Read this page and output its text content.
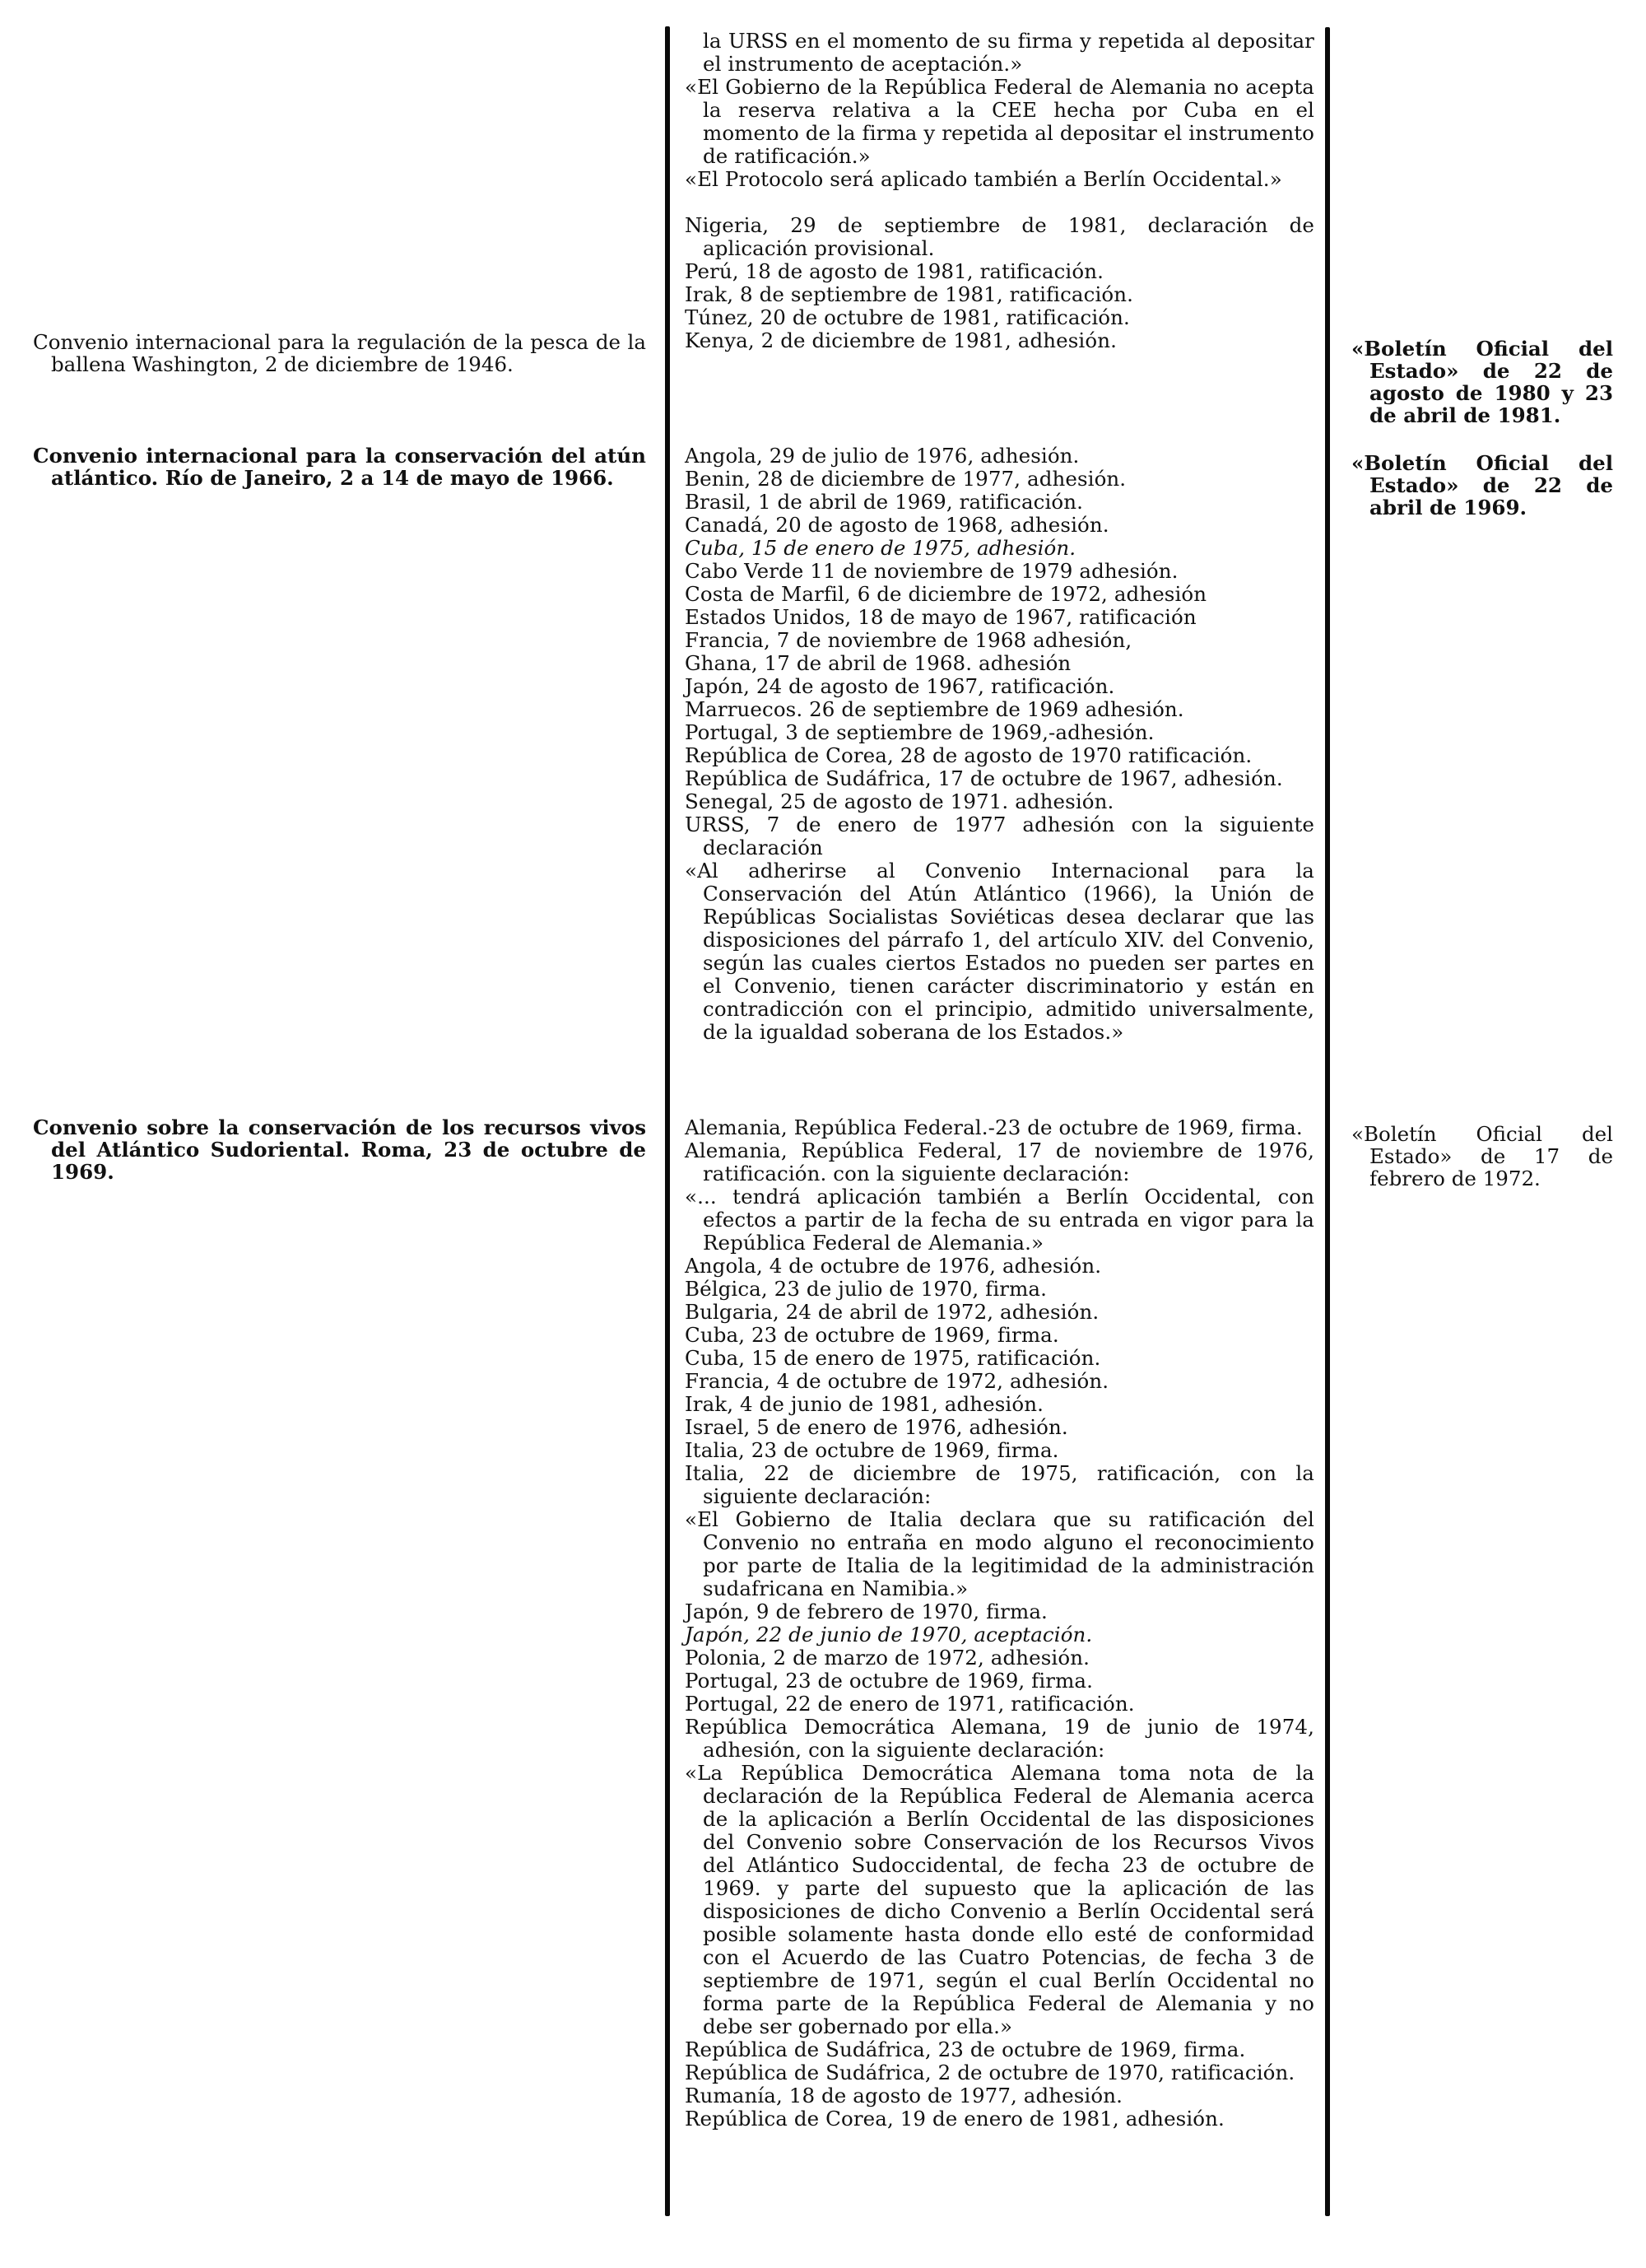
la URSS en el momento de su firma y repetida al depositar el instrumento de aceptación.»

«El Gobierno de la República Federal de Alemania no acepta la reserva relativa a la CEE hecha por Cuba en el momento de la firma y repetida al depositar el instrumento de ratificación.»

«El Protocolo será aplicado también a Berlín Occidental.»

Nigeria, 29 de septiembre de 1981, declaración de aplicación provisional.

Perú, 18 de agosto de 1981, ratificación.

Irak, 8 de septiembre de 1981, ratificación.

Túnez, 20 de octubre de 1981, ratificación.

Kenya, 2 de diciembre de 1981, adhesión.

Convenio internacional para la regulación de la pesca de la ballena Washington, 2 de diciembre de 1946.

«Boletín Oficial del Estado» de 22 de agosto de 1980 y 23 de abril de 1981.

Convenio internacional para la conservación del atún atlántico. Río de Janeiro, 2 a 14 de mayo de 1966.

«Boletín Oficial del Estado» de 22 de abril de 1969.

Angola, 29 de julio de 1976, adhesión.

Benin, 28 de diciembre de 1977, adhesión.

Brasil, 1 de abril de 1969, ratificación.

Canadá, 20 de agosto de 1968, adhesión.

Cuba, 15 de enero de 1975, adhesión.

Cabo Verde 11 de noviembre de 1979 adhesión.

Costa de Marfil, 6 de diciembre de 1972, adhesión

Estados Unidos, 18 de mayo de 1967, ratificación

Francia, 7 de noviembre de 1968 adhesión,

Ghana, 17 de abril de 1968. adhesión

Japón, 24 de agosto de 1967, ratificación.

Marruecos. 26 de septiembre de 1969 adhesión.

Portugal, 3 de septiembre de 1969,-adhesión.

República de Corea, 28 de agosto de 1970 ratificación.

República de Sudáfrica, 17 de octubre de 1967, adhesión.

Senegal, 25 de agosto de 1971. adhesión.

URSS, 7 de enero de 1977 adhesión con la siguiente declaración

«Al adherirse al Convenio Internacional para la Conservación del Atún Atlántico (1966), la Unión de Repúblicas Socialistas Soviéticas desea declarar que las disposiciones del párrafo 1, del artículo XIV. del Convenio, según las cuales ciertos Estados no pueden ser partes en el Convenio, tienen carácter discriminatorio y están en contradicción con el principio, admitido universalmente, de la igualdad soberana de los Estados.»

Convenio sobre la conservación de los recursos vivos del Atlántico Sudoriental. Roma, 23 de octubre de 1969.

«Boletín Oficial del Estado» de 17 de febrero de 1972.

Alemania, República Federal.-23 de octubre de 1969, firma.

Alemania, República Federal, 17 de noviembre de 1976, ratificación. con la siguiente declaración:

«... tendrá aplicación también a Berlín Occidental, con efectos a partir de la fecha de su entrada en vigor para la República Federal de Alemania.»

Angola, 4 de octubre de 1976, adhesión.

Bélgica, 23 de julio de 1970, firma.

Bulgaria, 24 de abril de 1972, adhesión.

Cuba, 23 de octubre de 1969, firma.

Cuba, 15 de enero de 1975, ratificación.

Francia, 4 de octubre de 1972, adhesión.

Irak, 4 de junio de 1981, adhesión.

Israel, 5 de enero de 1976, adhesión.

Italia, 23 de octubre de 1969, firma.

Italia, 22 de diciembre de 1975, ratificación, con la siguiente declaración:

«El Gobierno de Italia declara que su ratificación del Convenio no entraña en modo alguno el reconocimiento por parte de Italia de la legitimidad de la administración sudafricana en Namibia.»

Japón, 9 de febrero de 1970, firma.

Japón, 22 de junio de 1970, aceptación.

Polonia, 2 de marzo de 1972, adhesión.

Portugal, 23 de octubre de 1969, firma.

Portugal, 22 de enero de 1971, ratificación.

República Democrática Alemana, 19 de junio de 1974, adhesión, con la siguiente declaración:

«La República Democrática Alemana toma nota de la declaración de la República Federal de Alemania acerca de la aplicación a Berlín Occidental de las disposiciones del Convenio sobre Conservación de los Recursos Vivos del Atlántico Sudoccidental, de fecha 23 de octubre de 1969. y parte del supuesto que la aplicación de las disposiciones de dicho Convenio a Berlín Occidental será posible solamente hasta donde ello esté de conformidad con el Acuerdo de las Cuatro Potencias, de fecha 3 de septiembre de 1971, según el cual Berlín Occidental no forma parte de la República Federal de Alemania y no debe ser gobernado por ella.»

República de Sudáfrica, 23 de octubre de 1969, firma.

República de Sudáfrica, 2 de octubre de 1970, ratificación.

Rumanía, 18 de agosto de 1977, adhesión.

República de Corea, 19 de enero de 1981, adhesión.
